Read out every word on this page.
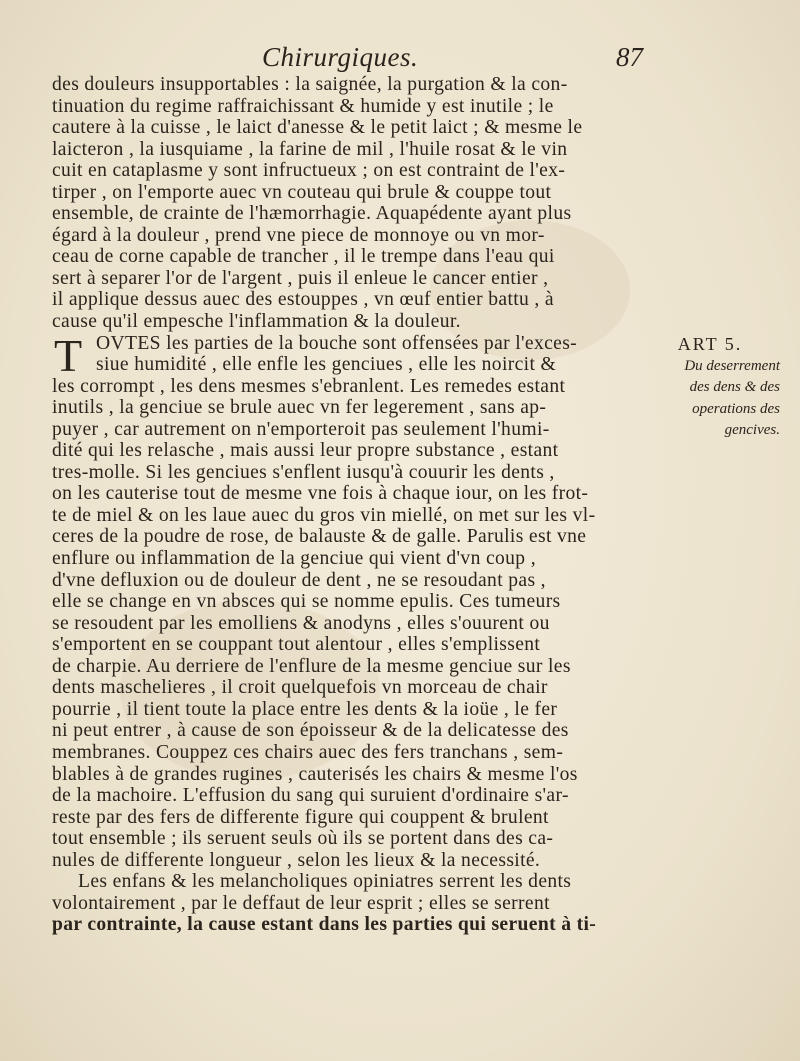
Chirurgiques.	87
des douleurs insupportables : la saignée, la purgation & la con-
tinuation du regime raffraichissant & humide y est inutile ; le
cautere à la cuisse , le laict d'anesse & le petit laict ; & mesme le
laicteron , la iusquiame , la farine de mil , l'huile rosat & le vin
cuit en cataplasme y sont infructueux ; on est contraint de l'ex-
tirper , on l'emporte auec vn couteau qui brule & couppe tout
ensemble, de crainte de l'hæmorrhagie. Aquapédente ayant plus
égard à la douleur , prend vne piece de monnoye ou vn mor-
ceau de corne capable de trancher , il le trempe dans l'eau qui
sert à separer l'or de l'argent , puis il enleue le cancer entier ,
il applique dessus auec des estouppes , vn œuf entier battu , à
cause qu'il empesche l'inflammation & la douleur.
T OVTES les parties de la bouche sont offensées par l'exces-
siue humidité , elle enfle les genciues , elle les noircit &
les corrompt , les dens mesmes s'ebranlent. Les remedes estant
inutils , la genciue se brule auec vn fer legerement , sans ap-
puyer , car autrement on n'emporteroit pas seulement l'humi-
dité qui les relasche , mais aussi leur propre substance , estant
tres-molle. Si les genciues s'enflent iusqu'à couurir les dents ,
on les cauterise tout de mesme vne fois à chaque iour, on les frot-
te de miel & on les laue auec du gros vin miellé, on met sur les vl-
ceres de la poudre de rose, de balauste & de galle. Parulis est vne
enflure ou inflammation de la genciue qui vient d'vn coup ,
d'vne defluxion ou de douleur de dent , ne se resoudant pas ,
elle se change en vn absces qui se nomme epulis. Ces tumeurs
se resoudent par les emolliens & anodyns , elles s'ouurent ou
s'emportent en se couppant tout alentour , elles s'emplissent
de charpie. Au derriere de l'enflure de la mesme genciue sur les
dents maschelieres , il croit quelquefois vn morceau de chair
pourrie , il tient toute la place entre les dents & la ioüe , le fer
ni peut entrer , à cause de son époisseur & de la delicatesse des
membranes. Couppez ces chairs auec des fers tranchans , sem-
blables à de grandes rugines , cauterisés les chairs & mesme l'os
de la machoire. L'effusion du sang qui suruient d'ordinaire s'ar-
reste par des fers de differente figure qui couppent & brulent
tout ensemble ; ils seruent seuls où ils se portent dans des ca-
nules de differente longueur , selon les lieux & la necessité.
Les enfans & les melancholiques opiniatres serrent les dents
volontairement , par le deffaut de leur esprit ; elles se serrent
par contrainte, la cause estant dans les parties qui seruent à ti-
ART 5.
Du deserrement
des dens & des
operations des
gencives.
